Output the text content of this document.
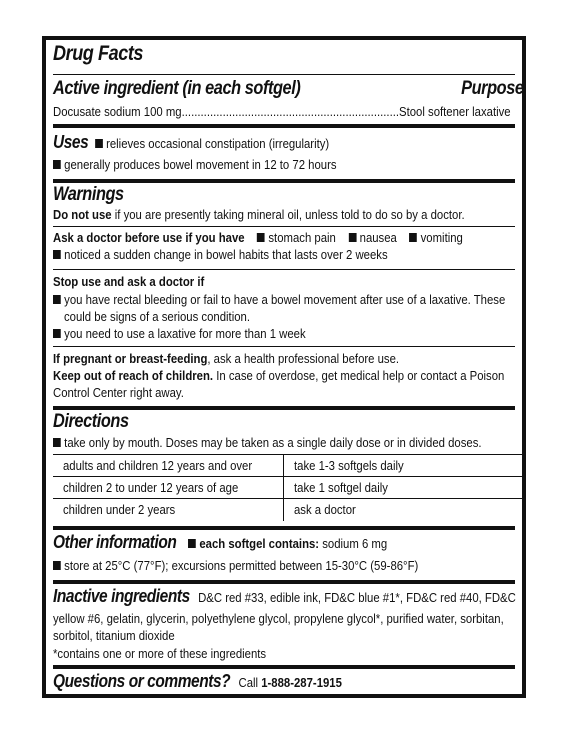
Drug Facts
Active ingredient (in each softgel)	Purpose
Docusate sodium 100 mg.....................................................................Stool softener laxative
Uses relieves occasional constipation (irregularity)
generally produces bowel movement in 12 to 72 hours
Warnings
Do not use if you are presently taking mineral oil, unless told to do so by a doctor.
Ask a doctor before use if you have stomach pain nausea vomiting
noticed a sudden change in bowel habits that lasts over 2 weeks
Stop use and ask a doctor if
you have rectal bleeding or fail to have a bowel movement after use of a laxative. These
could be signs of a serious condition.
you need to use a laxative for more than 1 week
If pregnant or breast-feeding, ask a health professional before use.
Keep out of reach of children. In case of overdose, get medical help or contact a Poison
Control Center right away.
Directions
take only by mouth. Doses may be taken as a single daily dose or in divided doses.
adults and children 12 years and over	take 1-3 softgels daily
children 2 to under 12 years of age	take 1 softgel daily
children under 2 years	ask a doctor
Other information each softgel contains: sodium 6 mg
store at 25°C (77°F); excursions permitted between 15-30°C (59-86°F)
Inactive ingredients D&C red #33, edible ink, FD&C blue #1*, FD&C red #40, FD&C
yellow #6, gelatin, glycerin, polyethylene glycol, propylene glycol*, purified water, sorbitan,
sorbitol, titanium dioxide
*contains one or more of these ingredients
Questions or comments? Call 1-888-287-1915
